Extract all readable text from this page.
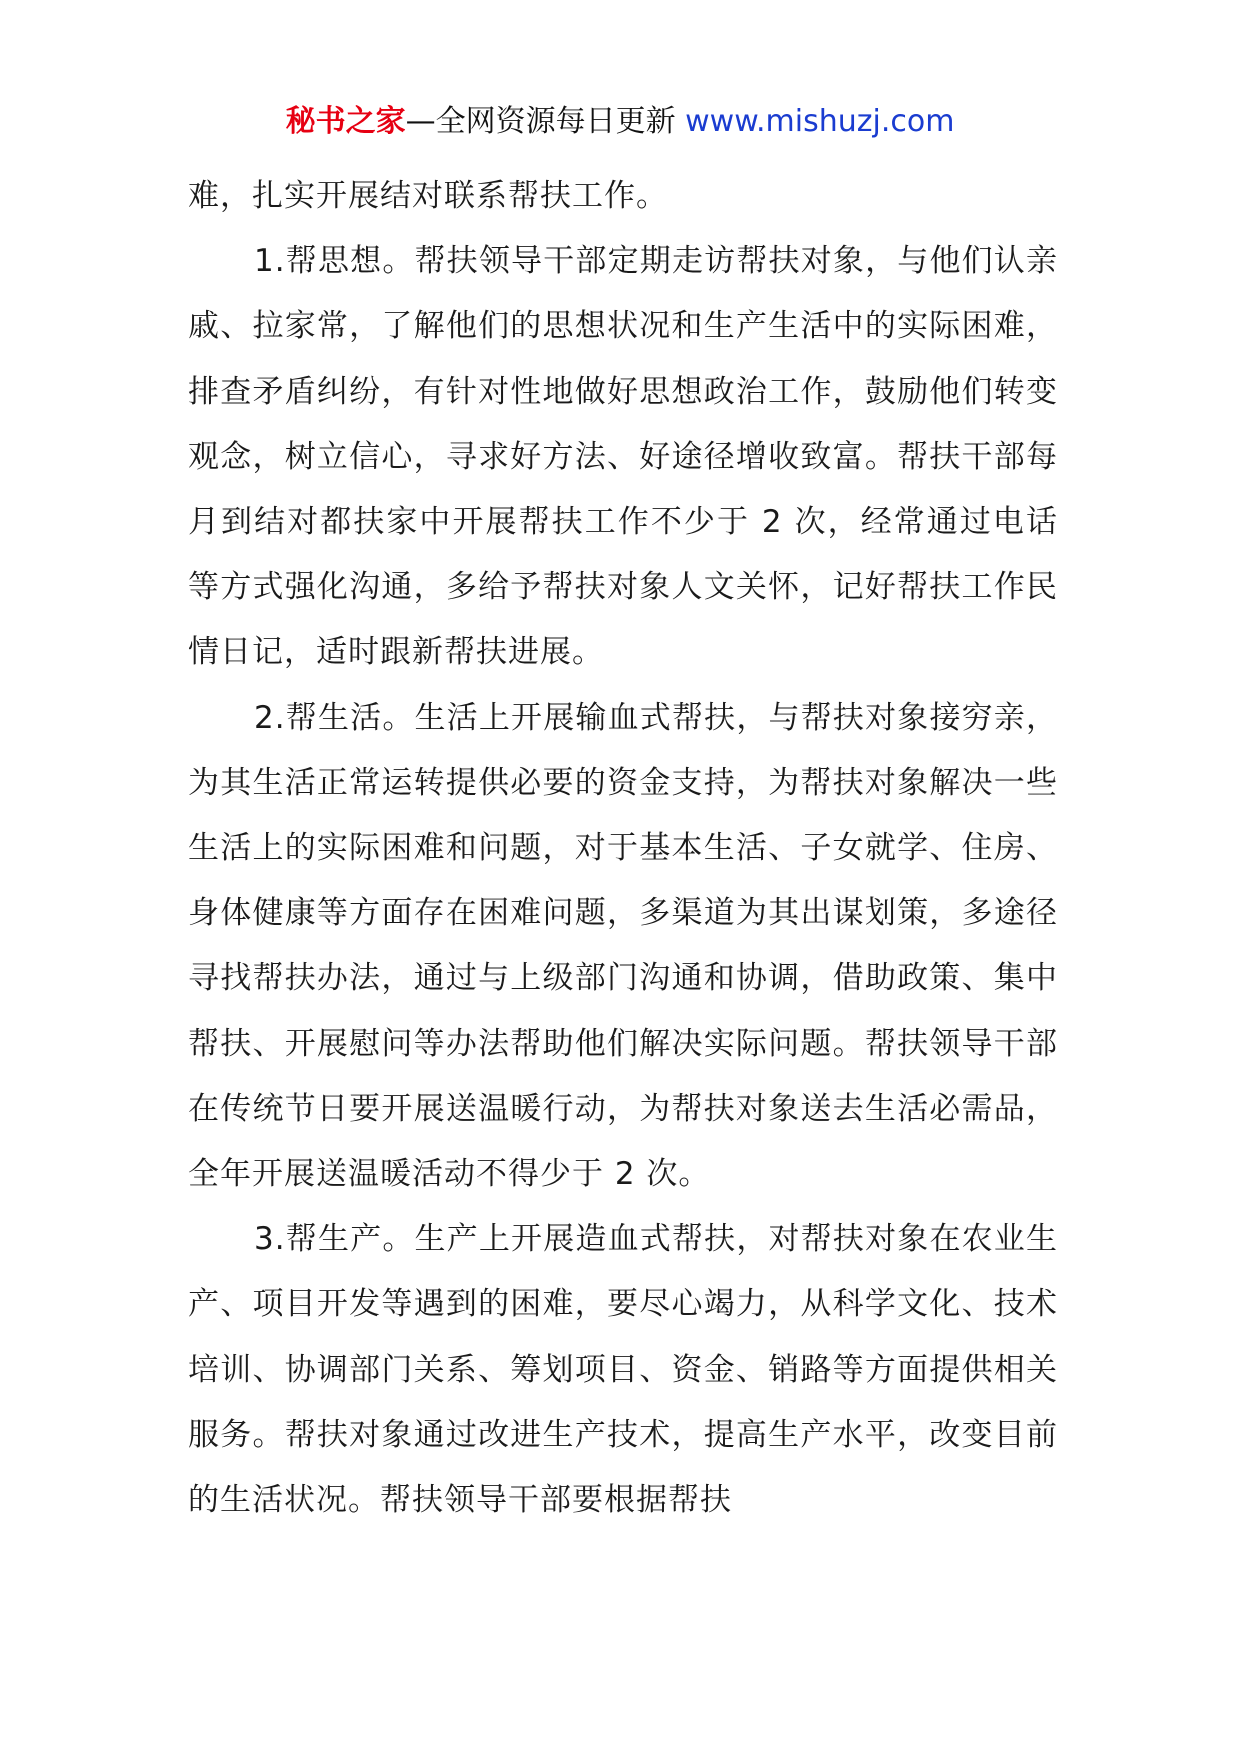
秘书之家—全网资源每日更新 www.mishuzj.com

难，扎实开展结对联系帮扶工作。

1.帮思想。帮扶领导干部定期走访帮扶对象，与他们认亲戚、拉家常，了解他们的思想状况和生产生活中的实际困难，排查矛盾纠纷，有针对性地做好思想政治工作，鼓励他们转变观念，树立信心，寻求好方法、好途径增收致富。帮扶干部每月到结对都扶家中开展帮扶工作不少于 2 次，经常通过电话等方式强化沟通，多给予帮扶对象人文关怀，记好帮扶工作民情日记，适时跟新帮扶进展。

2.帮生活。生活上开展输血式帮扶，与帮扶对象接穷亲，为其生活正常运转提供必要的资金支持，为帮扶对象解决一些生活上的实际困难和问题，对于基本生活、子女就学、住房、身体健康等方面存在困难问题，多渠道为其出谋划策，多途径寻找帮扶办法，通过与上级部门沟通和协调，借助政策、集中帮扶、开展慰问等办法帮助他们解决实际问题。帮扶领导干部在传统节日要开展送温暖行动，为帮扶对象送去生活必需品，全年开展送温暖活动不得少于 2 次。

3.帮生产。生产上开展造血式帮扶，对帮扶对象在农业生产、项目开发等遇到的困难，要尽心竭力，从科学文化、技术培训、协调部门关系、筹划项目、资金、销路等方面提供相关服务。帮扶对象通过改进生产技术，提高生产水平，改变目前的生活状况。帮扶领导干部要根据帮扶
